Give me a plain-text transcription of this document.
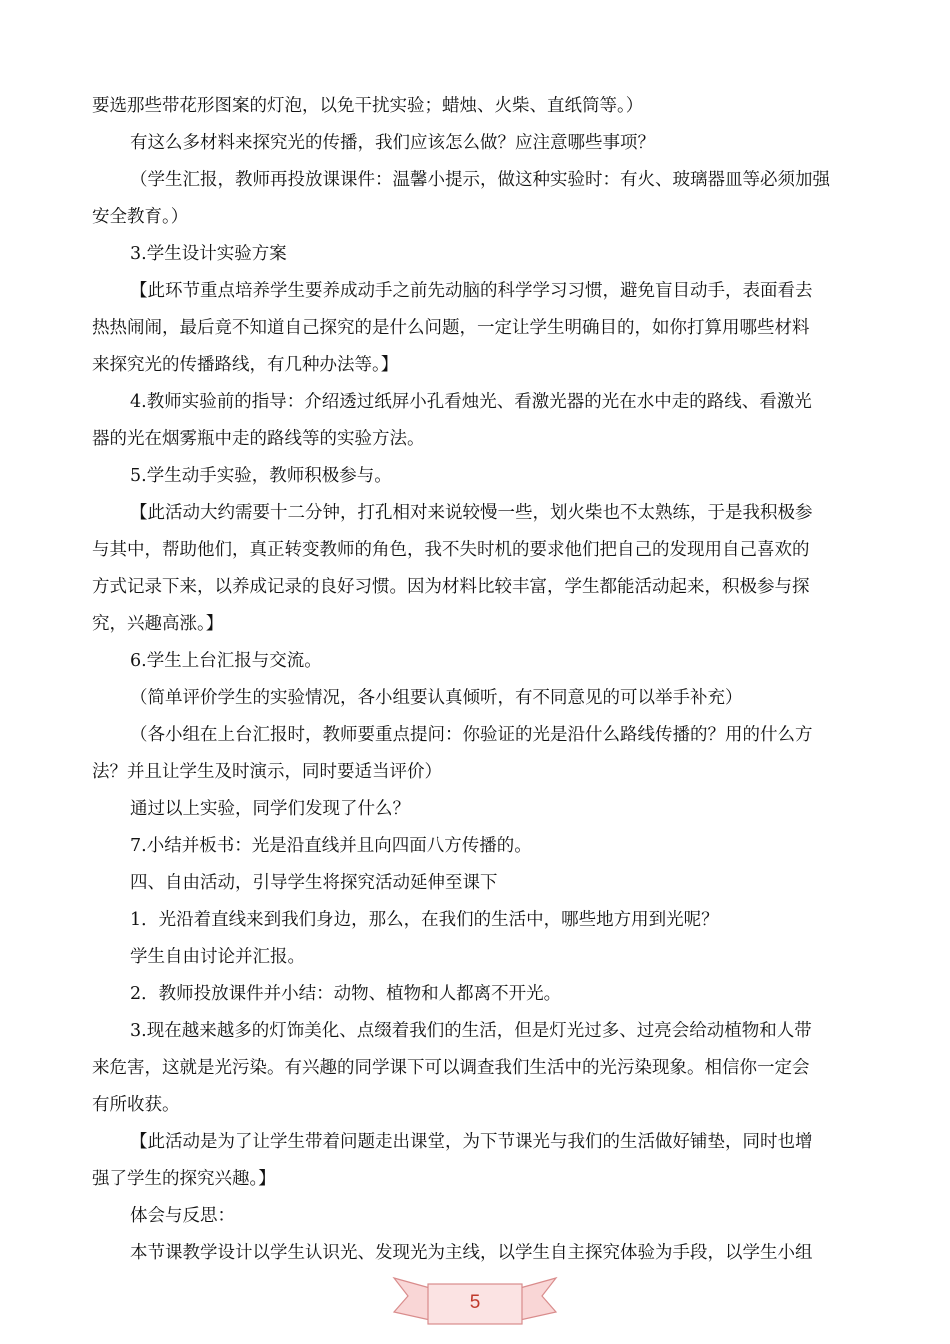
要选那些带花形图案的灯泡，以免干扰实验；蜡烛、火柴、直纸筒等。）
有这么多材料来探究光的传播，我们应该怎么做？应注意哪些事项？
（学生汇报，教师再投放课课件：温馨小提示，做这种实验时：有火、玻璃器皿等必须加强
安全教育。）
3.学生设计实验方案
【此环节重点培养学生要养成动手之前先动脑的科学学习习惯，避免盲目动手，表面看去
热热闹闹，最后竟不知道自己探究的是什么问题，一定让学生明确目的，如你打算用哪些材料
来探究光的传播路线，有几种办法等。】
4.教师实验前的指导：介绍透过纸屏小孔看烛光、看激光器的光在水中走的路线、看激光
器的光在烟雾瓶中走的路线等的实验方法。
5.学生动手实验，教师积极参与。
【此活动大约需要十二分钟，打孔相对来说较慢一些，划火柴也不太熟练，于是我积极参
与其中，帮助他们，真正转变教师的角色，我不失时机的要求他们把自己的发现用自己喜欢的
方式记录下来，以养成记录的良好习惯。因为材料比较丰富，学生都能活动起来，积极参与探
究，兴趣高涨。】
6.学生上台汇报与交流。
（简单评价学生的实验情况，各小组要认真倾听，有不同意见的可以举手补充）
（各小组在上台汇报时，教师要重点提问：你验证的光是沿什么路线传播的？用的什么方
法？并且让学生及时演示，同时要适当评价）
通过以上实验，同学们发现了什么？
7.小结并板书：光是沿直线并且向四面八方传播的。
四、自由活动，引导学生将探究活动延伸至课下
1．光沿着直线来到我们身边，那么，在我们的生活中，哪些地方用到光呢？
学生自由讨论并汇报。
2．教师投放课件并小结：动物、植物和人都离不开光。
3.现在越来越多的灯饰美化、点缀着我们的生活，但是灯光过多、过亮会给动植物和人带
来危害，这就是光污染。有兴趣的同学课下可以调查我们生活中的光污染现象。相信你一定会
有所收获。
【此活动是为了让学生带着问题走出课堂，为下节课光与我们的生活做好铺垫，同时也增
强了学生的探究兴趣。】
体会与反思：
本节课教学设计以学生认识光、发现光为主线，以学生自主探究体验为手段，以学生小组
5
